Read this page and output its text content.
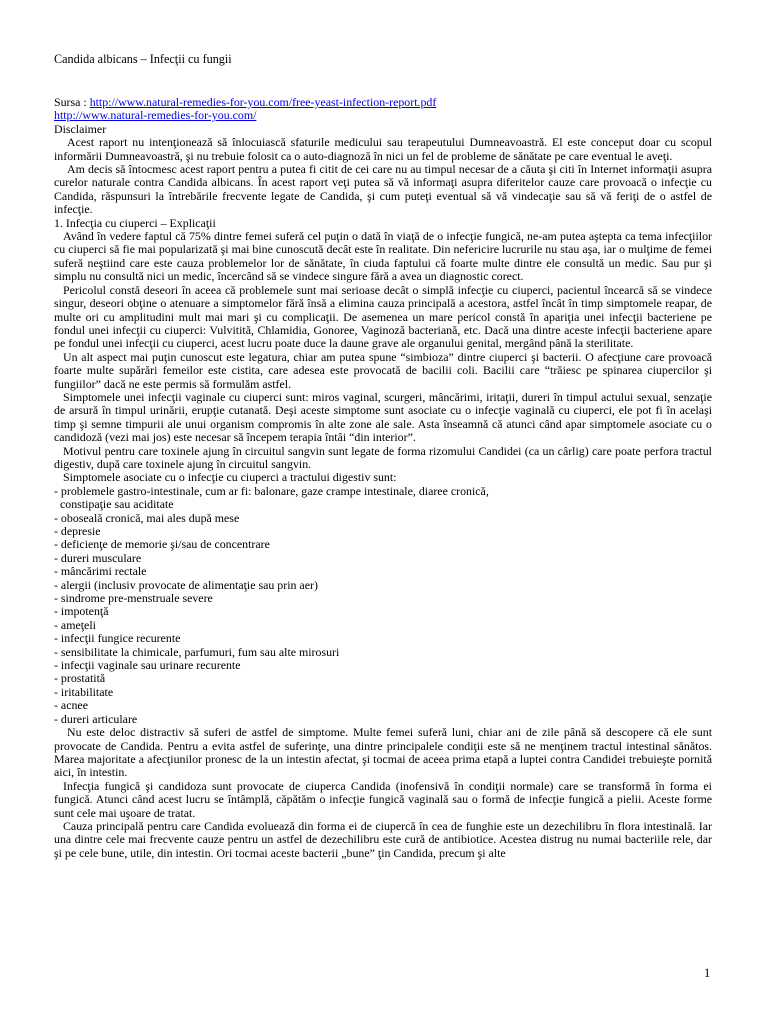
Candida albicans – Infecţii cu fungii
Sursa : http://www.natural-remedies-for-you.com/free-yeast-infection-report.pdf
http://www.natural-remedies-for-you.com/
Disclaimer

Acest raport nu intenţionează să înlocuiască sfaturile medicului sau terapeutului Dumneavoastră. El este conceput doar cu scopul informării Dumneavoastră, şi nu trebuie folosit ca o auto-diagnoză în nici un fel de probleme de sănătate pe care eventual le aveţi.

Am decis să întocmesc acest raport pentru a putea fi citit de cei care nu au timpul necesar de a căuta şi citi în Internet informaţii asupra curelor naturale contra Candida albicans. În acest raport veţi putea să vă informaţi asupra diferitelor cauze care provoacă o infecţie cu Candida, răspunsuri la întrebările frecvente legate de Candida, şi cum puteţi eventual să vă vindecaţie sau să vă feriţi de o astfel de infecţie.

1. Infecţia cu ciuperci – Explicaţii

Având în vedere faptul că 75% dintre femei suferă cel puţin o dată în viaţă de o infecţie fungică, ne-am putea aştepta ca tema infecţiilor cu ciuperci să fie mai popularizată şi mai bine cunoscută decât este în realitate. Din nefericire lucrurile nu stau aşa, iar o mulţime de femei suferă neştiind care este cauza problemelor lor de sănătate, în ciuda faptului că foarte multe dintre ele consultă un medic. Sau pur şi simplu nu consultă nici un medic, încercând să se vindece singure fără a avea un diagnostic corect.

Pericolul constă deseori în aceea că problemele sunt mai serioase decât o simplă infecţie cu ciuperci, pacientul încearcă să se vindece singur, deseori obţine o atenuare a simptomelor fără însă a elimina cauza principală a acestora, astfel încât în timp simptomele reapar, de multe ori cu amplitudini mult mai mari şi cu complicaţii. De asemenea un mare pericol constă în apariţia unei infecţii bacteriene pe fondul unei infecţii cu ciuperci: Vulvitită, Chlamidia, Gonoree, Vaginoză bacteriană, etc. Dacă una dintre aceste infecţii bacteriene apare pe fondul unei infecţii cu ciuperci, acest lucru poate duce la daune grave ale organului genital, mergând până la sterilitate.

Un alt aspect mai puţin cunoscut este legatura, chiar am putea spune “simbioza” dintre ciuperci şi bacterii. O afecţiune care provoacă foarte multe supărări femeilor este cistita, care adesea este provocată de bacilii coli. Bacilii care “trăiesc pe spinarea ciupercilor şi fungiilor” dacă ne este permis să formulăm astfel.

Simptomele unei infecţii vaginale cu ciuperci sunt: miros vaginal, scurgeri, mâncărimi, iritaţii, dureri în timpul actului sexual, senzaţie de arsură în timpul urinării, erupţie cutanată. Deşi aceste simptome sunt asociate cu o infecţie vaginală cu ciuperci, ele pot fi în acelaşi timp şi semne timpurii ale unui organism compromis în alte zone ale sale. Asta înseamnă că atunci când apar simptomele asociate cu o candidoză (vezi mai jos) este necesar să începem terapia întâi “din interior”.

Motivul pentru care toxinele ajung în circuitul sangvin sunt legate de forma rizomului Candidei (ca un cârlig) care poate perfora tractul digestiv, după care toxinele ajung în circuitul sangvin.

Simptomele asociate cu o infecţie cu ciuperci a tractului digestiv sunt:

- problemele gastro-intestinale, cum ar fi: balonare, gaze crampe intestinale, diaree cronică,
constipaţie sau aciditate
- oboseală cronică, mai ales după mese
- depresie
- deficienţe de memorie şi/sau de concentrare
- dureri musculare
- mâncărimi rectale
- alergii (inclusiv provocate de alimentaţie sau prin aer)
- sindrome pre-menstruale severe
- impotenţă
- ameţeli
- infecţii fungice recurente
- sensibilitate la chimicale, parfumuri, fum sau alte mirosuri
- infecţii vaginale sau urinare recurente
- prostatită
- iritabilitate
- acnee
- dureri articulare

Nu este deloc distractiv să suferi de astfel de simptome. Multe femei suferă luni, chiar ani de zile până să descopere că ele sunt provocate de Candida. Pentru a evita astfel de suferinţe, una dintre principalele condiţii este să ne menţinem tractul intestinal sănătos. Marea majoritate a afecţiunilor pronesc de la un intestin afectat, şi tocmai de aceea prima etapă a luptei contra Candidei trebuieşte pornită aici, în intestin.

Infecţia fungică şi candidoza sunt provocate de ciuperca Candida (inofensivă în condiţii normale) care se transformă în forma ei fungică. Atunci când acest lucru se întâmplă, căpătăm o infecţie fungică vaginală sau o formă de infecţie fungică a pielii. Aceste forme sunt cele mai uşoare de tratat.

Cauza principală pentru care Candida evoluează din forma ei de ciupercă în cea de funghie este un dezechilibru în flora intestinală. Iar una dintre cele mai frecvente cauze pentru un astfel de dezechilibru este cură de antibiotice. Acestea distrug nu numai bacteriile rele, dar şi pe cele bune, utile, din intestin. Ori tocmai aceste bacterii „bune” ţin Candida, precum şi alte

1
